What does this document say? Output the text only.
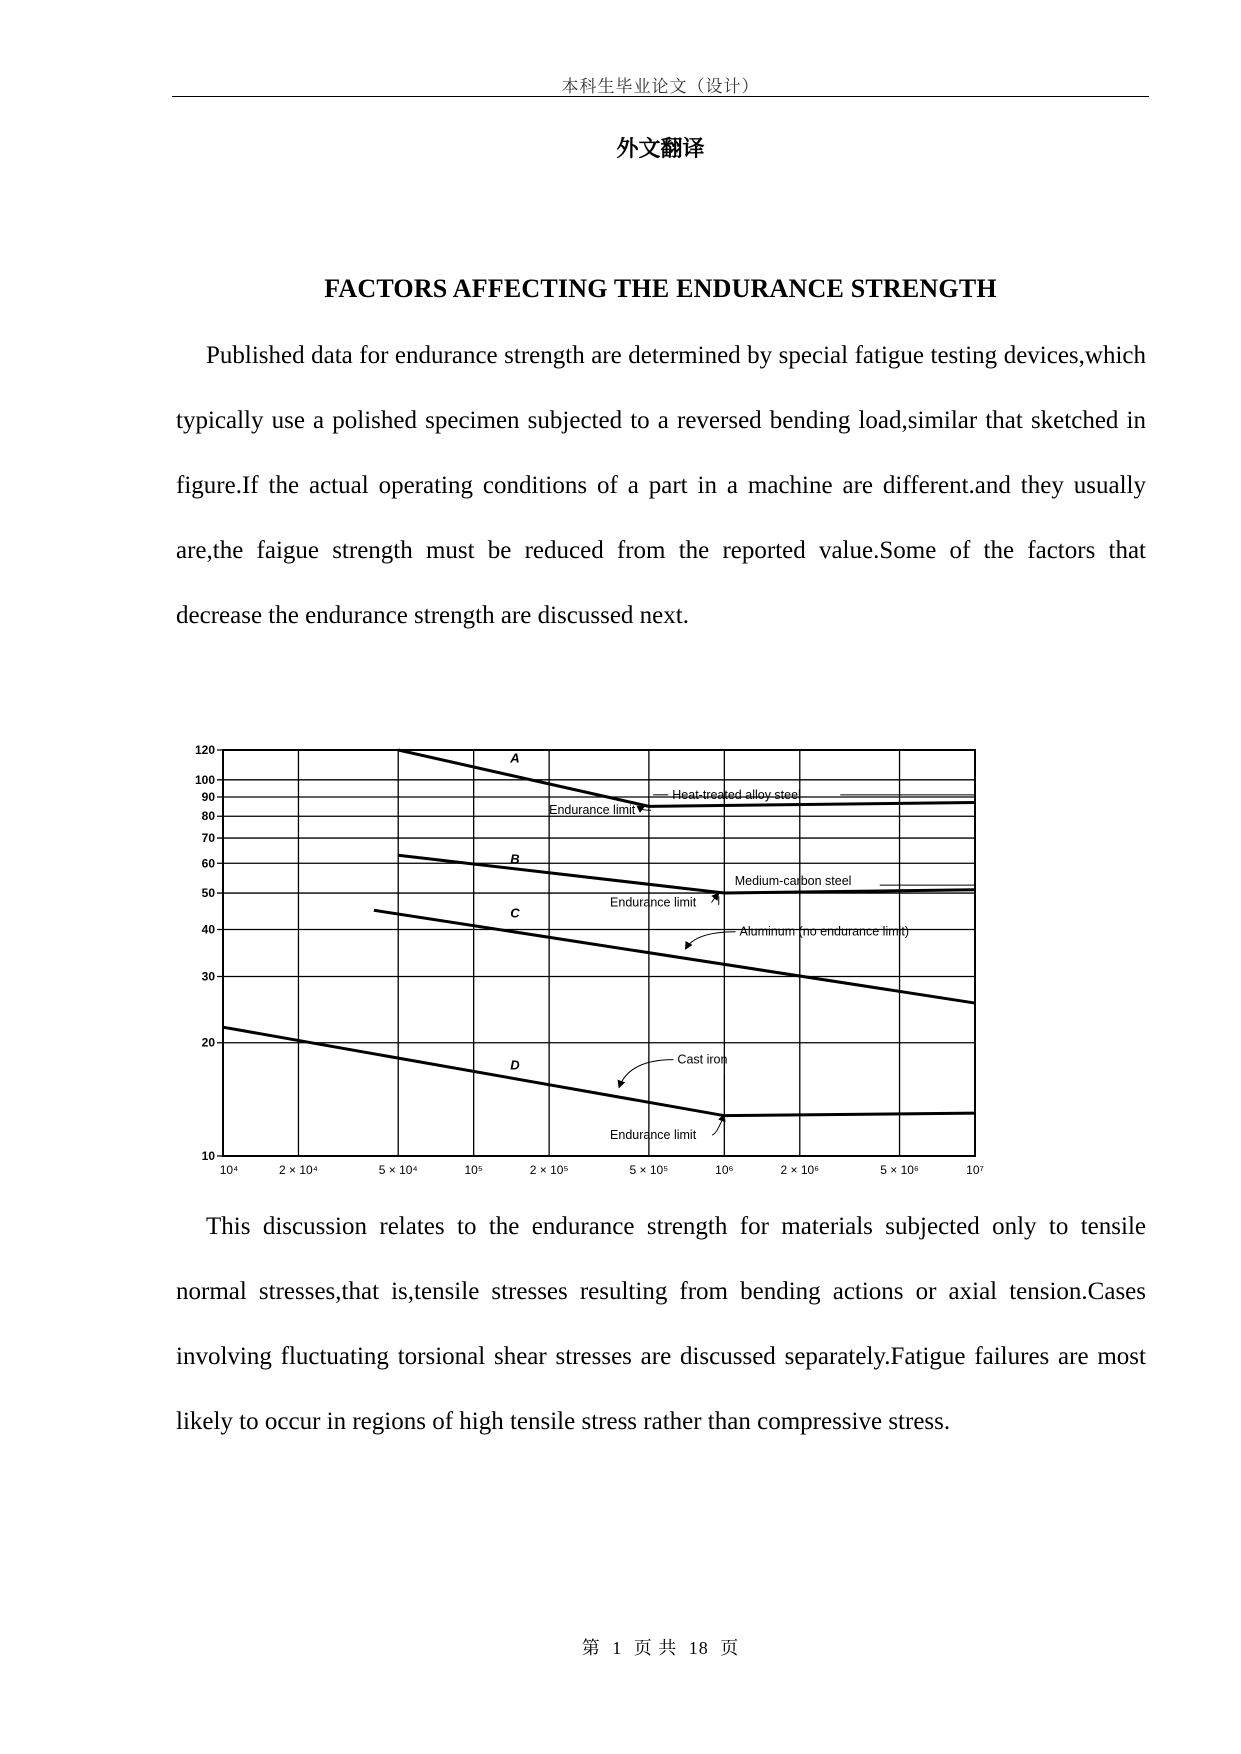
本科生毕业论文（设计）
外文翻译
FACTORS AFFECTING THE ENDURANCE STRENGTH

Published data for endurance strength are determined by special fatigue testing devices,which typically use a polished specimen subjected to a reversed bending load,similar that sketched in figure.If the actual operating conditions of a part in a machine are different.and they usually are,the faigue strength must be reduced from the reported value.Some of the factors that decrease the endurance strength are discussed next.

120
100
90
80
70
60
50
40
30
20
10
10⁴	2 × 10⁴	5 × 10⁴	10⁵	2 × 10⁵	5 × 10⁵	10⁶	2 × 10⁶	5 × 10⁶	10⁷
Heat-treated alloy steel
Endurance limit
Medium-carbon steel
Endurance limit
Aluminum (no endurance limit)
Cast iron
Endurance limit
A
B
C
D

This discussion relates to the endurance strength for materials subjected only to tensile normal stresses,that is,tensile stresses resulting from bending actions or axial tension.Cases involving fluctuating torsional shear stresses are discussed separately.Fatigue failures are most likely to occur in regions of high tensile stress rather than compressive stress.

第 1 页 共 18 页
